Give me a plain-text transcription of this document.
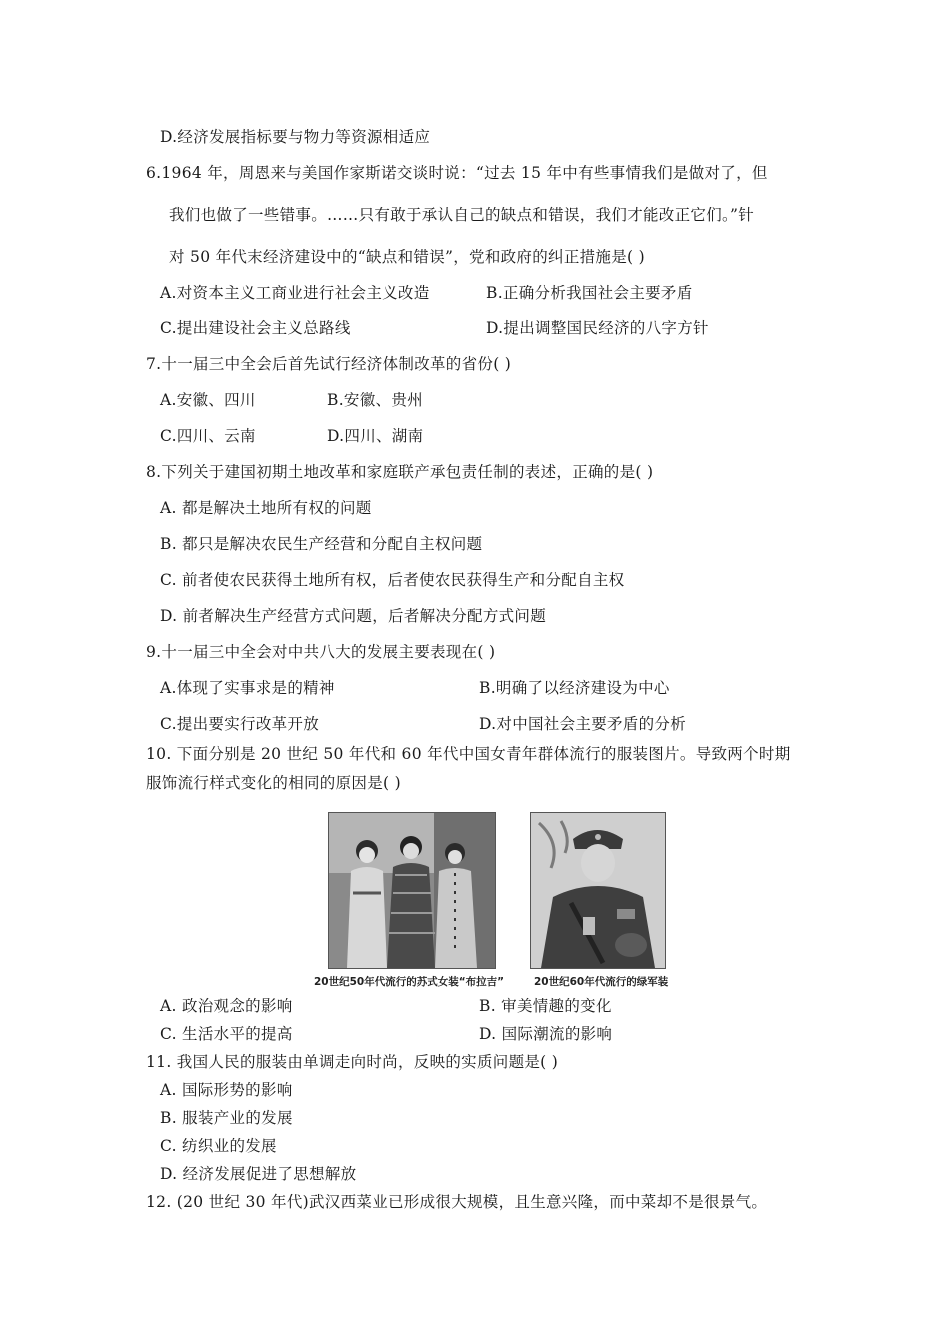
D.经济发展指标要与物力等资源相适应
6.1964 年，周恩来与美国作家斯诺交谈时说：“过去 15 年中有些事情我们是做对了，但
我们也做了一些错事。……只有敢于承认自己的缺点和错误，我们才能改正它们。”针
对 50 年代末经济建设中的“缺点和错误”，党和政府的纠正措施是( )
A.对资本主义工商业进行社会主义改造	B.正确分析我国社会主要矛盾
C.提出建设社会主义总路线	D.提出调整国民经济的八字方针
7.十一届三中全会后首先试行经济体制改革的省份( )
A.安徽、四川	B.安徽、贵州
C.四川、云南	D.四川、湖南
8.下列关于建国初期土地改革和家庭联产承包责任制的表述，正确的是( )
A. 都是解决土地所有权的问题
B. 都只是解决农民生产经营和分配自主权问题
C. 前者使农民获得土地所有权，后者使农民获得生产和分配自主权
D. 前者解决生产经营方式问题，后者解决分配方式问题
9.十一届三中全会对中共八大的发展主要表现在( )
A.体现了实事求是的精神	B.明确了以经济建设为中心
C.提出要实行改革开放	D.对中国社会主要矛盾的分析
10. 下面分别是 20 世纪 50 年代和 60 年代中国女青年群体流行的服装图片。导致两个时期
服饰流行样式变化的相同的原因是( )
20世纪50年代流行的苏式女装“布拉吉”	20世纪60年代流行的绿军装
A. 政治观念的影响	B. 审美情趣的变化
C. 生活水平的提高	D. 国际潮流的影响
11. 我国人民的服装由单调走向时尚，反映的实质问题是( )
A. 国际形势的影响
B. 服装产业的发展
C. 纺织业的发展
D. 经济发展促进了思想解放
12. (20 世纪 30 年代)武汉西菜业已形成很大规模，且生意兴隆，而中菜却不是很景气。
